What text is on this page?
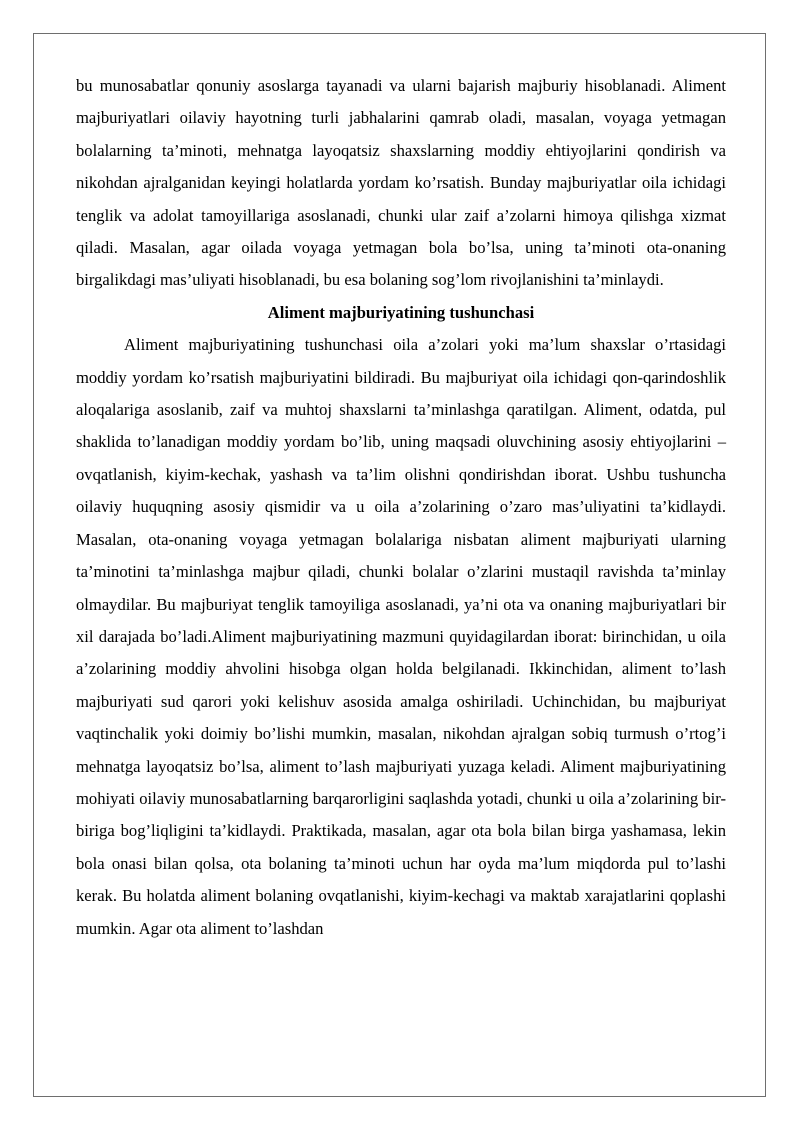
bu munosabatlar qonuniy asoslarga tayanadi va ularni bajarish majburiy hisoblanadi. Aliment majburiyatlari oilaviy hayotning turli jabhalarini qamrab oladi, masalan, voyaga yetmagan bolalarning ta’minoti, mehnatga layoqatsiz shaxslarning moddiy ehtiyojlarini qondirish va nikohdan ajralganidan keyingi holatlarda yordam ko’rsatish. Bunday majburiyatlar oila ichidagi tenglik va adolat tamoyillariga asoslanadi, chunki ular zaif a’zolarni himoya qilishga xizmat qiladi. Masalan, agar oilada voyaga yetmagan bola bo’lsa, uning ta’minoti ota-onaning birgalikdagi mas’uliyati hisoblanadi, bu esa bolaning sog’lom rivojlanishini ta’minlaydi.

Aliment majburiyatining tushunchasi

Aliment majburiyatining tushunchasi oila a’zolari yoki ma’lum shaxslar o’rtasidagi moddiy yordam ko’rsatish majburiyatini bildiradi. Bu majburiyat oila ichidagi qon-qarindoshlik aloqalariga asoslanib, zaif va muhtoj shaxslarni ta’minlashga qaratilgan. Aliment, odatda, pul shaklida to’lanadigan moddiy yordam bo’lib, uning maqsadi oluvchining asosiy ehtiyojlarini – ovqatlanish, kiyim-kechak, yashash va ta’lim olishni qondirishdan iborat. Ushbu tushuncha oilaviy huquqning asosiy qismidir va u oila a’zolarining o’zaro mas’uliyatini ta’kidlaydi. Masalan, ota-onaning voyaga yetmagan bolalariga nisbatan aliment majburiyati ularning ta’minotini ta’minlashga majbur qiladi, chunki bolalar o’zlarini mustaqil ravishda ta’minlay olmaydilar. Bu majburiyat tenglik tamoyiliga asoslanadi, ya’ni ota va onaning majburiyatlari bir xil darajada bo’ladi.Aliment majburiyatining mazmuni quyidagilardan iborat: birinchidan, u oila a’zolarining moddiy ahvolini hisobga olgan holda belgilanadi. Ikkinchidan, aliment to’lash majburiyati sud qarori yoki kelishuv asosida amalga oshiriladi. Uchinchidan, bu majburiyat vaqtinchalik yoki doimiy bo’lishi mumkin, masalan, nikohdan ajralgan sobiq turmush o’rtog’i mehnatga layoqatsiz bo’lsa, aliment to’lash majburiyati yuzaga keladi. Aliment majburiyatining mohiyati oilaviy munosabatlarning barqarorligini saqlashda yotadi, chunki u oila a’zolarining bir-biriga bog’liqligini ta’kidlaydi. Praktikada, masalan, agar ota bola bilan birga yashamasa, lekin bola onasi bilan qolsa, ota bolaning ta’minoti uchun har oyda ma’lum miqdorda pul to’lashi kerak. Bu holatda aliment bolaning ovqatlanishi, kiyim-kechagi va maktab xarajatlarini qoplashi mumkin. Agar ota aliment to’lashdan
